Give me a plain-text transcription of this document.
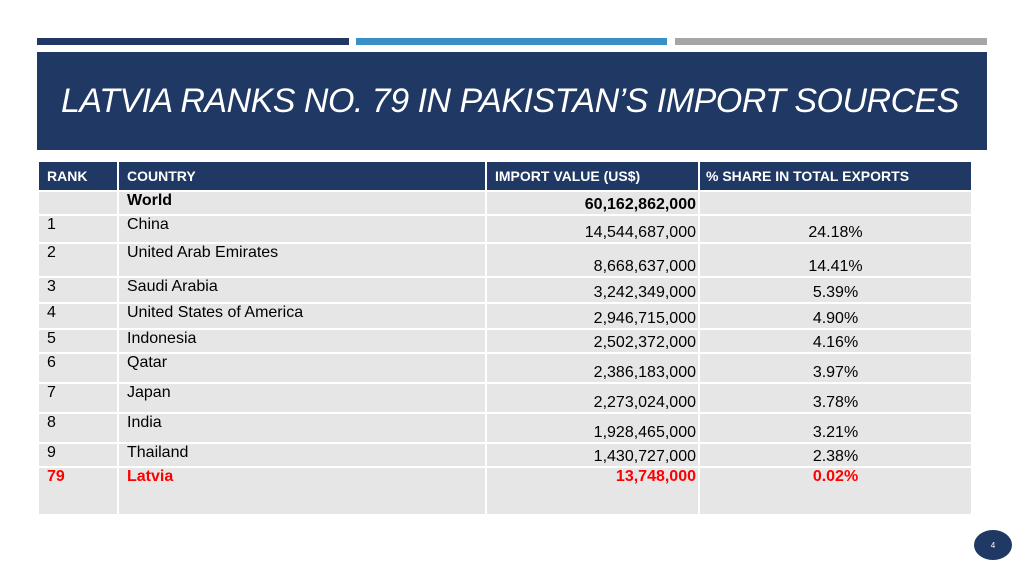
LATVIA RANKS NO. 79 IN PAKISTAN’S IMPORT SOURCES
RANK	COUNTRY	IMPORT VALUE (US$)	% SHARE IN TOTAL EXPORTS
	World	60,162,862,000	
1	China	14,544,687,000	24.18%
2	United Arab Emirates	8,668,637,000	14.41%
3	Saudi Arabia	3,242,349,000	5.39%
4	United States of America	2,946,715,000	4.90%
5	Indonesia	2,502,372,000	4.16%
6	Qatar	2,386,183,000	3.97%
7	Japan	2,273,024,000	3.78%
8	India	1,928,465,000	3.21%
9	Thailand	1,430,727,000	2.38%
79	Latvia	13,748,000	0.02%
4
